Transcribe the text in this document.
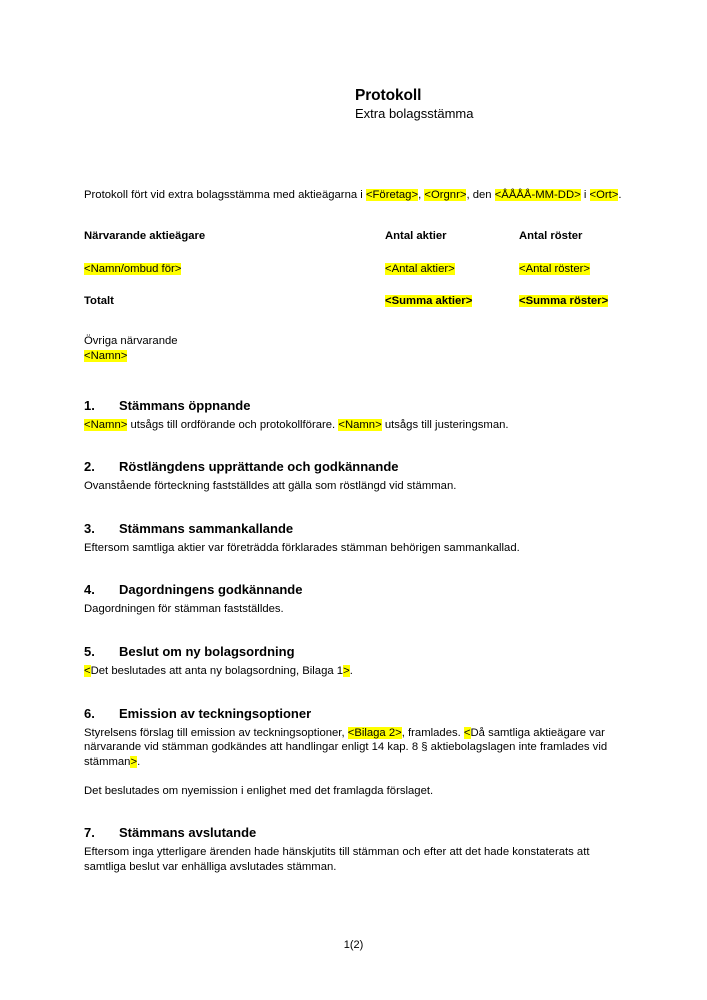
Protokoll
Extra bolagsstämma

Protokoll fört vid extra bolagsstämma med aktieägarna i <Företag>, <Orgnr>, den <ÅÅÅÅ-MM-DD> i <Ort>.

Närvarande aktieägare	Antal aktier	Antal röster
<Namn/ombud för>	<Antal aktier>	<Antal röster>
Totalt	<Summa aktier>	<Summa röster>
Övriga närvarande
<Namn>
1.	Stämmans öppnande

<Namn> utsågs till ordförande och protokollförare. <Namn> utsågs till justeringsman.

2.	Röstlängdens upprättande och godkännande

Ovanstående förteckning fastställdes att gälla som röstlängd vid stämman.

3.	Stämmans sammankallande

Eftersom samtliga aktier var företrädda förklarades stämman behörigen sammankallad.

4.	Dagordningens godkännande

Dagordningen för stämman fastställdes.

5.	Beslut om ny bolagsordning

<Det beslutades att anta ny bolagsordning, Bilaga 1>.

6.	Emission av teckningsoptioner

Styrelsens förslag till emission av teckningsoptioner, <Bilaga 2>, framlades. <Då samtliga aktieägare var närvarande vid stämman godkändes att handlingar enligt 14 kap. 8 § aktiebolagslagen inte framlades vid stämman>.

Det beslutades om nyemission i enlighet med det framlagda förslaget.

7.	Stämmans avslutande

Eftersom inga ytterligare ärenden hade hänskjutits till stämman och efter att det hade konstaterats att samtliga beslut var enhälliga avslutades stämman.

1(2)
